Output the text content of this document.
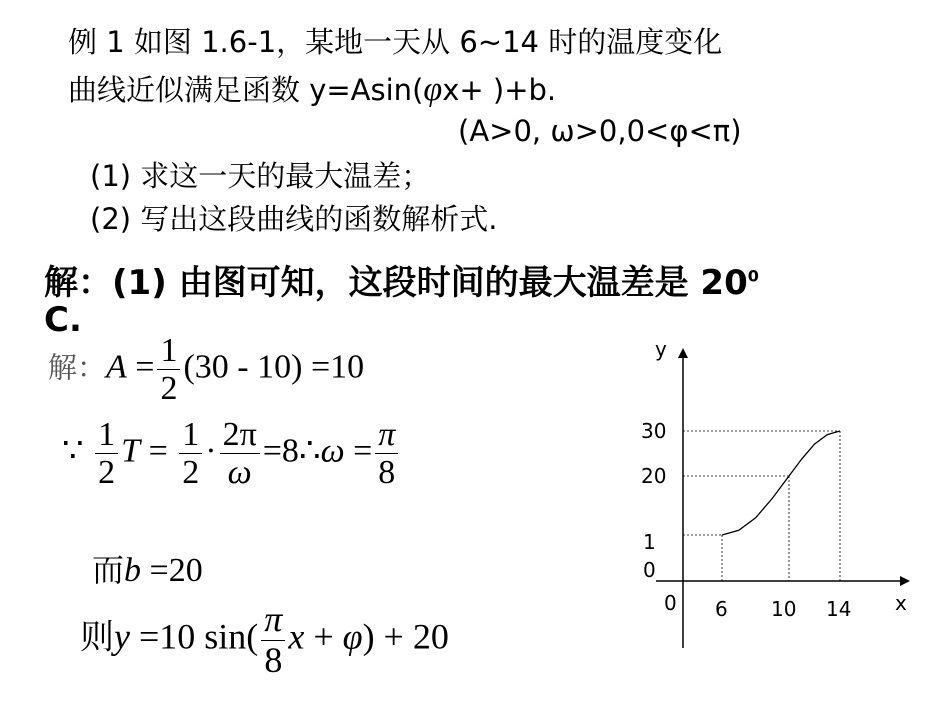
例 1 如图 1.6-1，某地一天从 6~14 时的温度变化
曲线近似满足函数 y=Asin(φx+ )+b.
(A>0, ω>0,0<φ<π)
(1) 求这一天的最大温差；
(2) 写出这段曲线的函数解析式.
解：(1) 由图可知，这段时间的最大温差是 $20^0$
C.
解：$A = \frac{1}{2} (30 - 10) =10$
∵ $\frac{1}{2}$ $T = \frac{1}{2} \cdot \frac{2\pi}{\omega}$ =8∴ω = $\frac{\pi}{8}$
而b =20
则y =10 $\sin( \frac{\pi}{8}$ x + φ) + 20
y
x
0 6 10 14
30
20
1
0
